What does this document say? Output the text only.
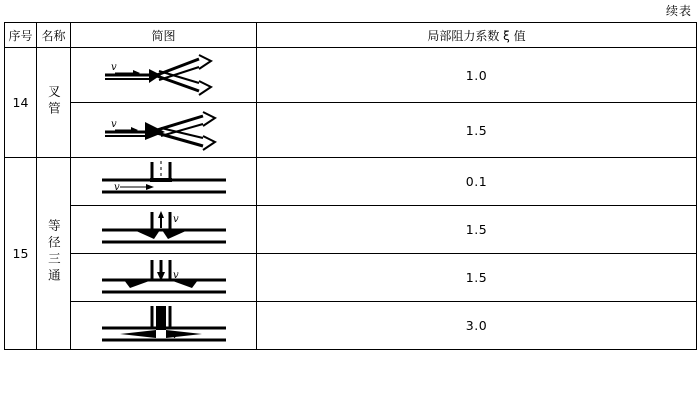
续表
序号	名称	简图	局部阻力系数 ξ 值
14	叉管	v	1.0

v	1.5
15	等径三通	v	0.1

v	1.5

v	1.5

v	3.0
